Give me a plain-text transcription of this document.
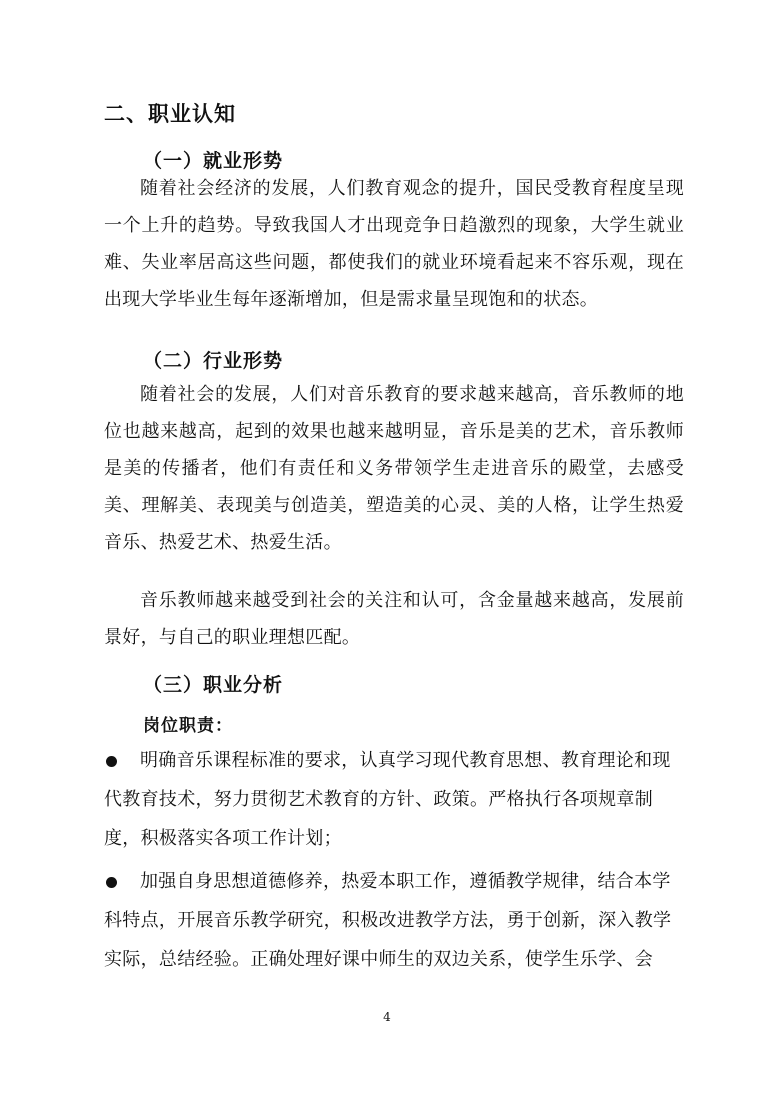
二、职业认知
（一）就业形势

随着社会经济的发展，人们教育观念的提升，国民受教育程度呈现一个上升的趋势。导致我国人才出现竞争日趋激烈的现象，大学生就业难、失业率居高这些问题，都使我们的就业环境看起来不容乐观，现在出现大学毕业生每年逐渐增加，但是需求量呈现饱和的状态。

（二）行业形势

随着社会的发展，人们对音乐教育的要求越来越高，音乐教师的地位也越来越高，起到的效果也越来越明显，音乐是美的艺术，音乐教师是美的传播者，他们有责任和义务带领学生走进音乐的殿堂，去感受美、理解美、表现美与创造美，塑造美的心灵、美的人格，让学生热爱音乐、热爱艺术、热爱生活。

音乐教师越来越受到社会的关注和认可，含金量越来越高，发展前景好，与自己的职业理想匹配。

（三）职业分析
岗位职责：

明确音乐课程标准的要求，认真学习现代教育思想、教育理论和现代教育技术，努力贯彻艺术教育的方针、政策。严格执行各项规章制度，积极落实各项工作计划；

加强自身思想道德修养，热爱本职工作，遵循教学规律，结合本学科特点，开展音乐教学研究，积极改进教学方法，勇于创新，深入教学实际，总结经验。正确处理好课中师生的双边关系，使学生乐学、会

4
